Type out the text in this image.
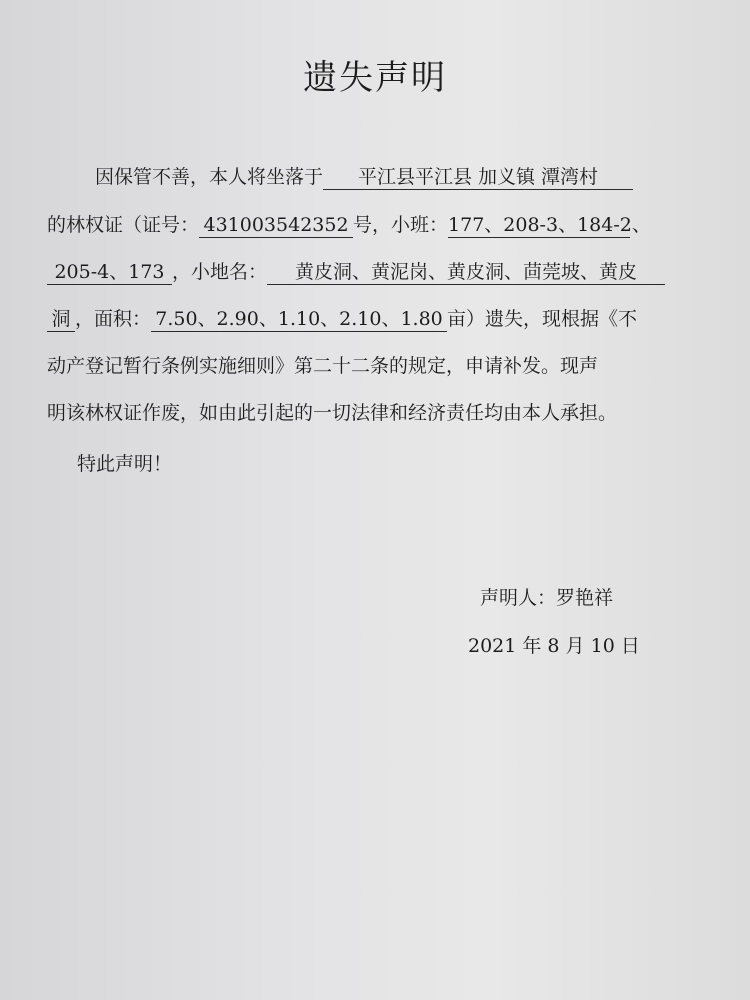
遗失声明
因保管不善，本人将坐落于 平江县平江县 加义镇 潭湾村
的林权证（证号： 431003542352 号，小班：177、208-3、184-2、
205-4、173 ，小地名： 黄皮洞、黄泥岗、黄皮洞、茴莞坡、黄皮
洞 ，面积： 7.50、2.90、1.10、2.10、1.80 亩）遗失，现根据《不
动产登记暂行条例实施细则》第二十二条的规定，申请补发。现声
明该林权证作废，如由此引起的一切法律和经济责任均由本人承担。
特此声明！
声明人：罗艳祥
2021 年 8 月 10 日
